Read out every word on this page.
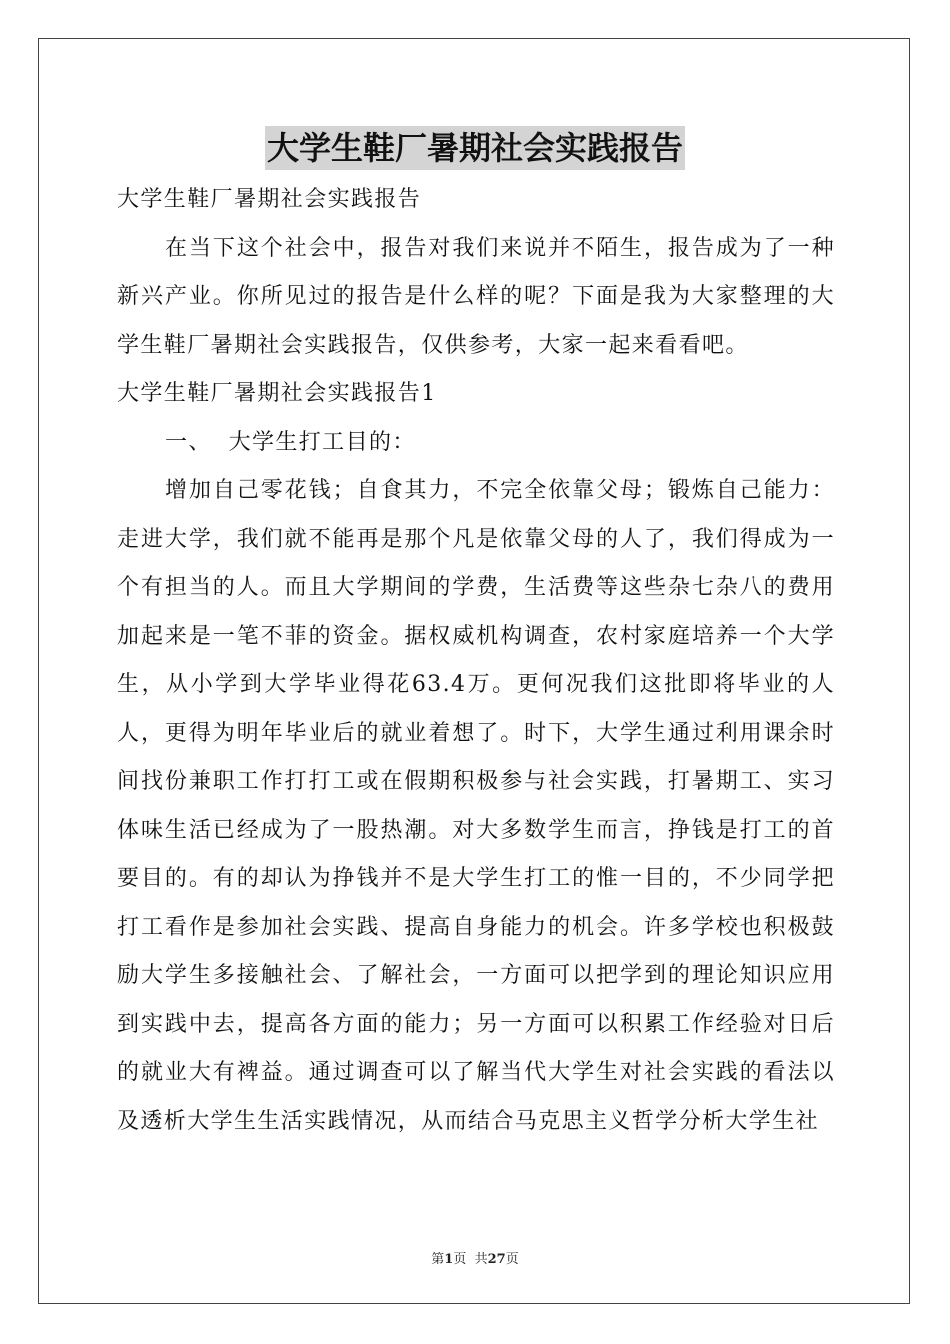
大学生鞋厂暑期社会实践报告

大学生鞋厂暑期社会实践报告

在当下这个社会中，报告对我们来说并不陌生，报告成为了一种新兴产业。你所见过的报告是什么样的呢？下面是我为大家整理的大学生鞋厂暑期社会实践报告，仅供参考，大家一起来看看吧。

大学生鞋厂暑期社会实践报告1

一、  大学生打工目的：

增加自己零花钱；自食其力，不完全依靠父母；锻炼自己能力：走进大学，我们就不能再是那个凡是依靠父母的人了，我们得成为一个有担当的人。而且大学期间的学费，生活费等这些杂七杂八的费用加起来是一笔不菲的资金。据权威机构调查，农村家庭培养一个大学生，从小学到大学毕业得花63.4万。更何况我们这批即将毕业的人人，更得为明年毕业后的就业着想了。时下，大学生通过利用课余时间找份兼职工作打打工或在假期积极参与社会实践，打暑期工、实习体味生活已经成为了一股热潮。对大多数学生而言，挣钱是打工的首要目的。有的却认为挣钱并不是大学生打工的惟一目的，不少同学把打工看作是参加社会实践、提高自身能力的机会。许多学校也积极鼓励大学生多接触社会、了解社会，一方面可以把学到的理论知识应用到实践中去，提高各方面的能力；另一方面可以积累工作经验对日后的就业大有裨益。通过调查可以了解当代大学生对社会实践的看法以及透析大学生生活实践情况，从而结合马克思主义哲学分析大学生社

第1页  共27页
